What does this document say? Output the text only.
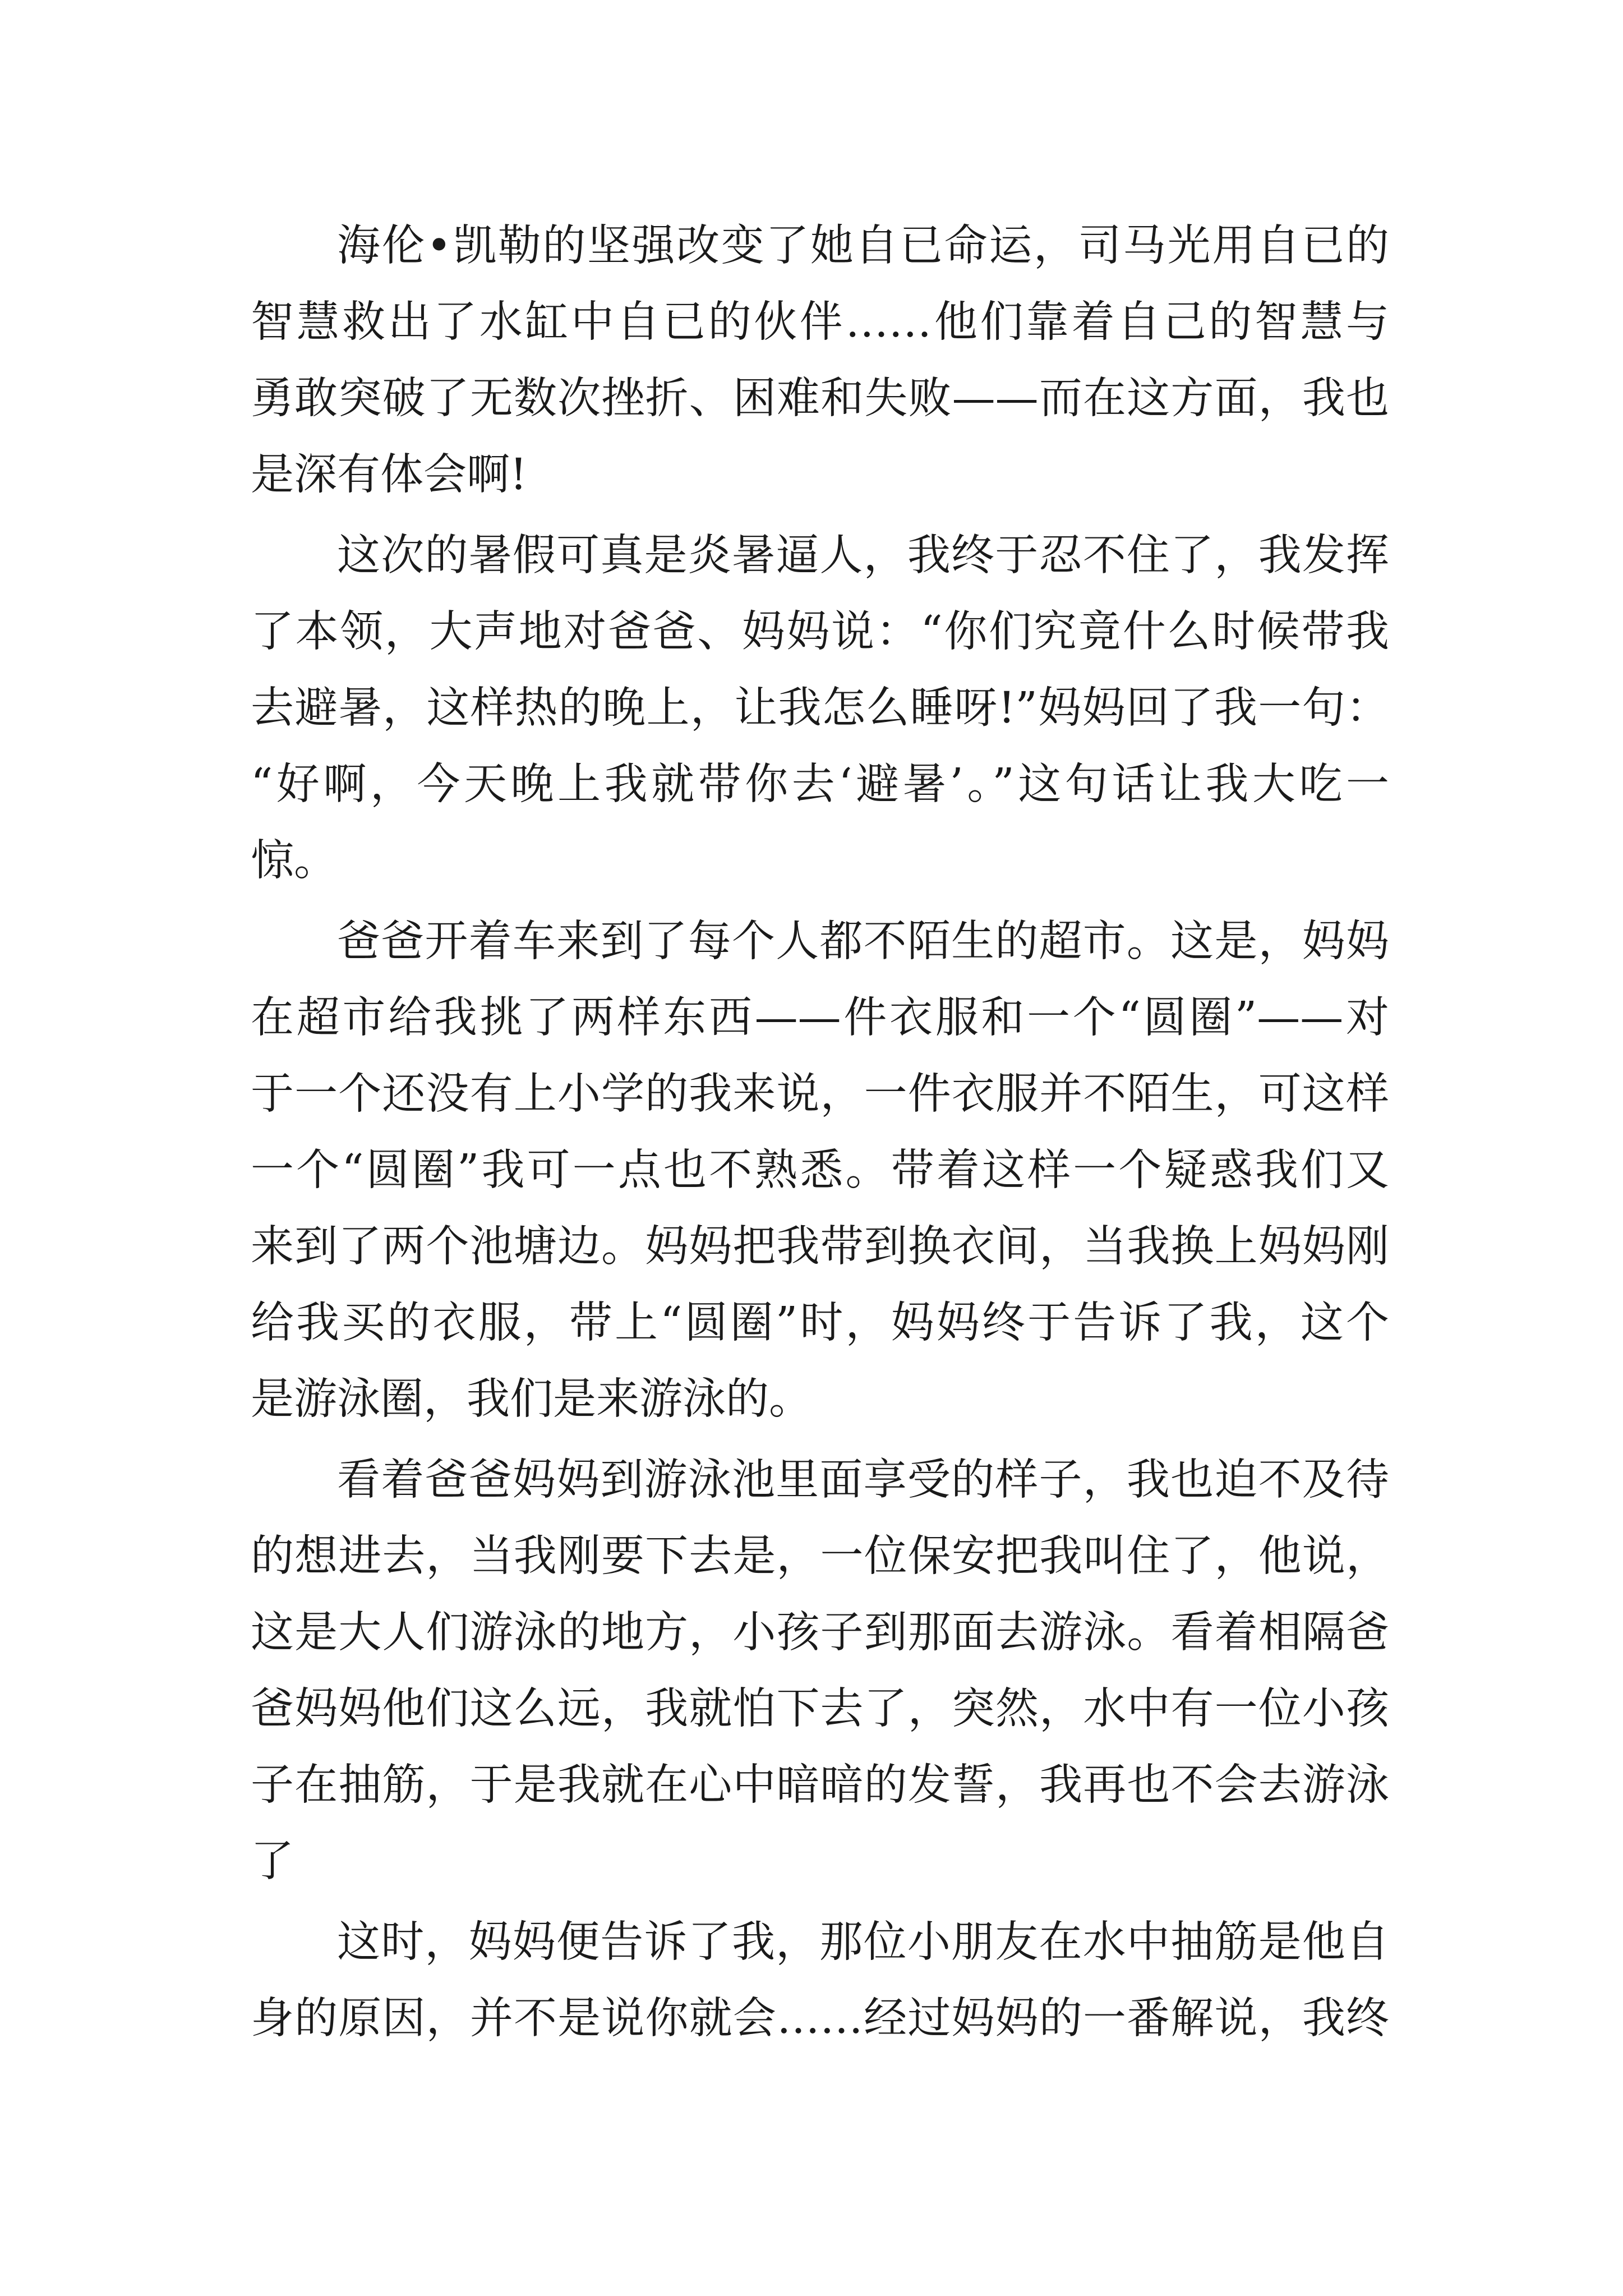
海伦•凯勒的坚强改变了她自已命运，司马光用自已的
智慧救出了水缸中自已的伙伴……他们靠着自己的智慧与
勇敢突破了无数次挫折、困难和失败——而在这方面，我也
是深有体会啊!
这次的暑假可真是炎暑逼人，我终于忍不住了，我发挥
了本领，大声地对爸爸、妈妈说：“你们究竟什么时候带我
去避暑，这样热的晚上，让我怎么睡呀!”妈妈回了我一句：
“好啊，今天晚上我就带你去‘避暑’。”这句话让我大吃一
惊。
爸爸开着车来到了每个人都不陌生的超市。这是，妈妈
在超市给我挑了两样东西——件衣服和一个“圆圈”——对
于一个还没有上小学的我来说，一件衣服并不陌生，可这样
一个“圆圈”我可一点也不熟悉。带着这样一个疑惑我们又
来到了两个池塘边。妈妈把我带到换衣间，当我换上妈妈刚
给我买的衣服，带上“圆圈”时，妈妈终于告诉了我，这个
是游泳圈，我们是来游泳的。
看着爸爸妈妈到游泳池里面享受的样子，我也迫不及待
的想进去，当我刚要下去是，一位保安把我叫住了，他说，
这是大人们游泳的地方，小孩子到那面去游泳。看着相隔爸
爸妈妈他们这么远，我就怕下去了，突然，水中有一位小孩
子在抽筋，于是我就在心中暗暗的发誓，我再也不会去游泳
了
这时，妈妈便告诉了我，那位小朋友在水中抽筋是他自
身的原因，并不是说你就会……经过妈妈的一番解说，我终
